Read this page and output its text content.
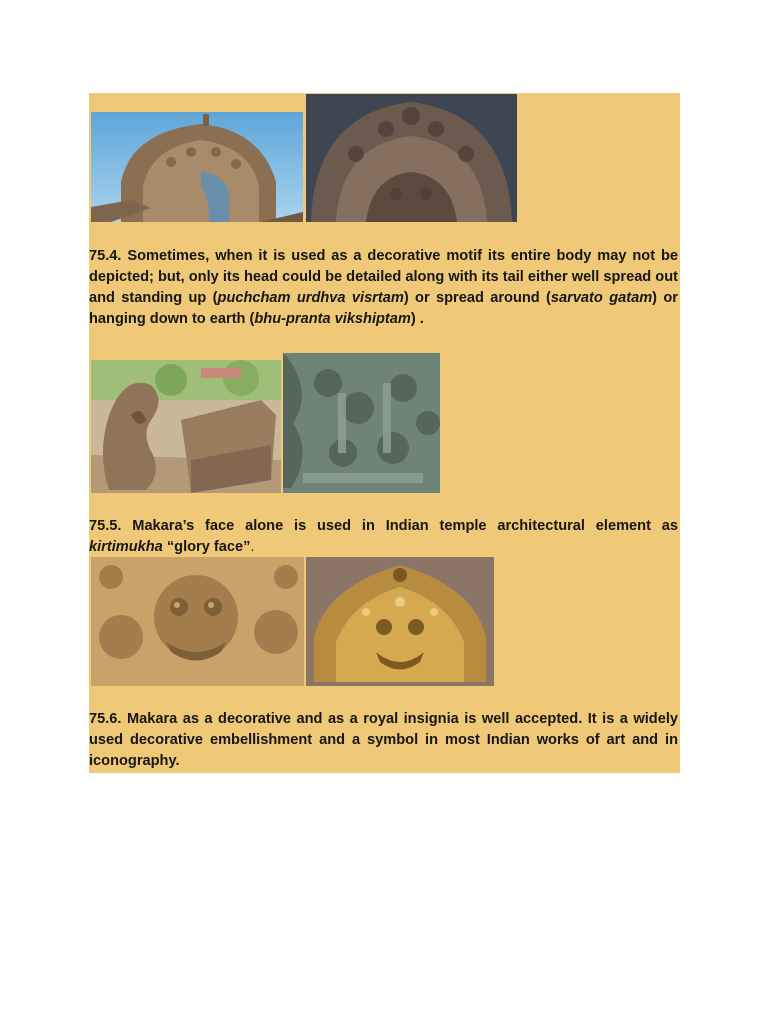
75.4. Sometimes, when it is used as a decorative motif its entire body may not be depicted; but, only its head could be detailed along with its tail either well spread out and standing up (puchcham urdhva visrtam) or spread around (sarvato gatam) or hanging down to earth (bhu-pranta vikshiptam) .

75.5. Makara’s face alone is used in Indian temple architectural element as kirtimukha “glory face”.

75.6. Makara as a decorative and as a royal insignia is well accepted. It is a widely used decorative embellishment and a symbol in most Indian works of art and in iconography.
